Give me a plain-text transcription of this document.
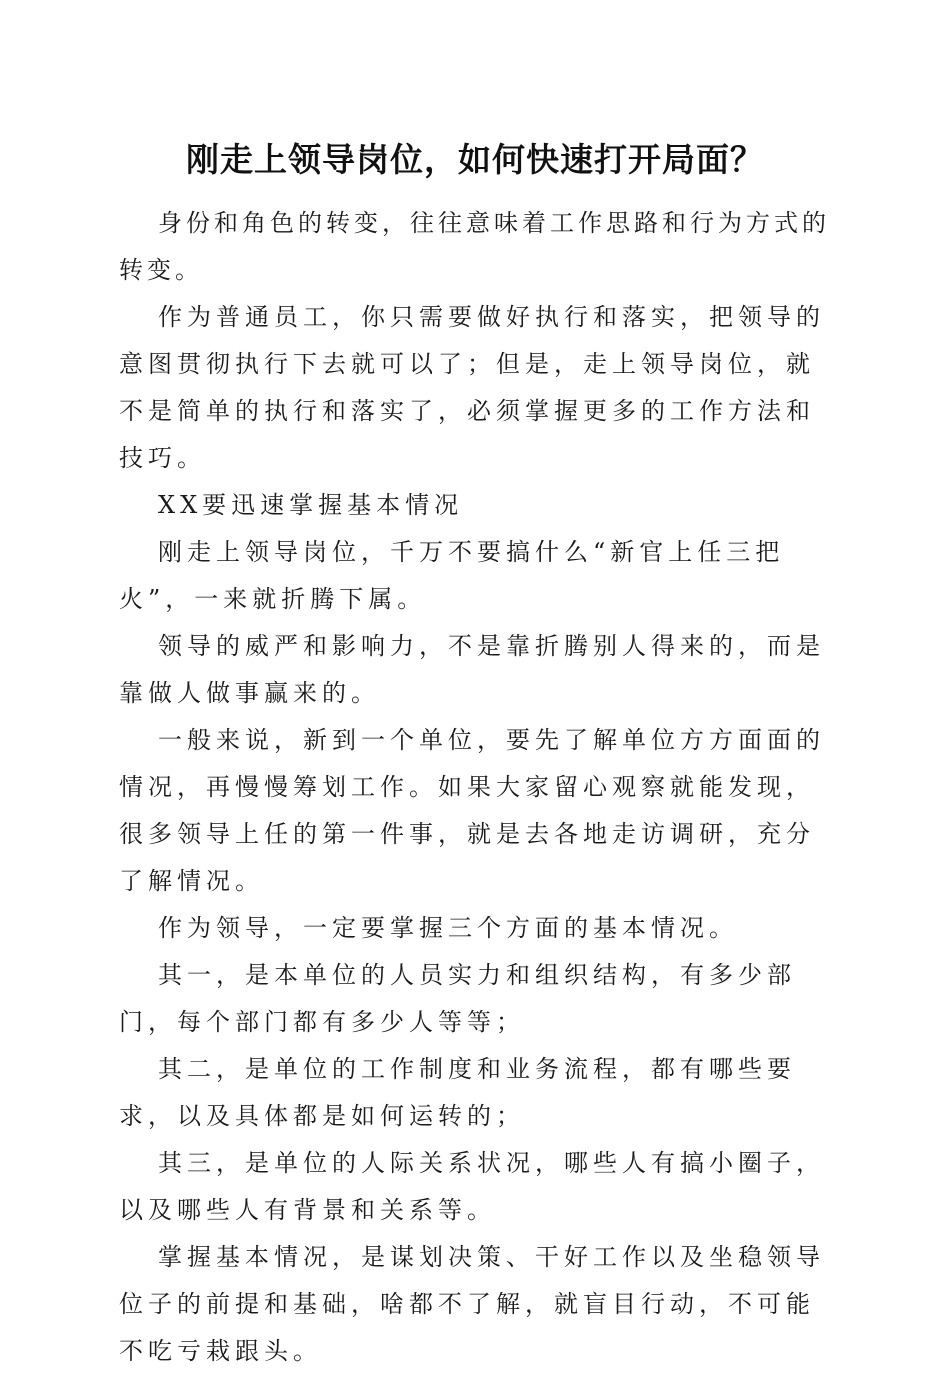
刚走上领导岗位，如何快速打开局面？

身份和角色的转变，往往意味着工作思路和行为方式的转变。

作为普通员工，你只需要做好执行和落实，把领导的意图贯彻执行下去就可以了；但是，走上领导岗位，就不是简单的执行和落实了，必须掌握更多的工作方法和技巧。

XX要迅速掌握基本情况

刚走上领导岗位，千万不要搞什么“新官上任三把火”，一来就折腾下属。

领导的威严和影响力，不是靠折腾别人得来的，而是靠做人做事赢来的。

一般来说，新到一个单位，要先了解单位方方面面的情况，再慢慢筹划工作。如果大家留心观察就能发现，很多领导上任的第一件事，就是去各地走访调研，充分了解情况。

作为领导，一定要掌握三个方面的基本情况。

其一，是本单位的人员实力和组织结构，有多少部门，每个部门都有多少人等等；

其二，是单位的工作制度和业务流程，都有哪些要求，以及具体都是如何运转的；

其三，是单位的人际关系状况，哪些人有搞小圈子，以及哪些人有背景和关系等。

掌握基本情况，是谋划决策、干好工作以及坐稳领导位子的前提和基础，啥都不了解，就盲目行动，不可能不吃亏栽跟头。
